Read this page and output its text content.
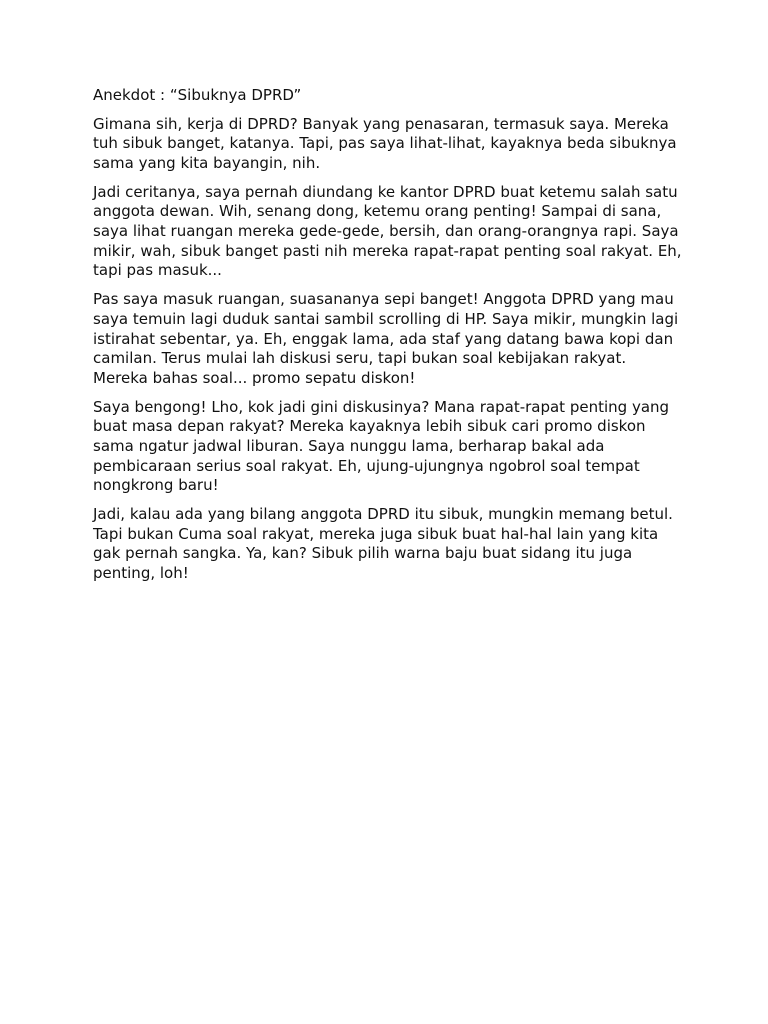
Anekdot : “Sibuknya DPRD”

Gimana sih, kerja di DPRD? Banyak yang penasaran, termasuk saya. Mereka tuh sibuk banget, katanya. Tapi, pas saya lihat-lihat, kayaknya beda sibuknya sama yang kita bayangin, nih.

Jadi ceritanya, saya pernah diundang ke kantor DPRD buat ketemu salah satu anggota dewan. Wih, senang dong, ketemu orang penting! Sampai di sana, saya lihat ruangan mereka gede-gede, bersih, dan orang-orangnya rapi. Saya mikir, wah, sibuk banget pasti nih mereka rapat-rapat penting soal rakyat. Eh, tapi pas masuk...

Pas saya masuk ruangan, suasananya sepi banget! Anggota DPRD yang mau saya temuin lagi duduk santai sambil scrolling di HP. Saya mikir, mungkin lagi istirahat sebentar, ya. Eh, enggak lama, ada staf yang datang bawa kopi dan camilan. Terus mulai lah diskusi seru, tapi bukan soal kebijakan rakyat. Mereka bahas soal... promo sepatu diskon!

Saya bengong! Lho, kok jadi gini diskusinya? Mana rapat-rapat penting yang buat masa depan rakyat? Mereka kayaknya lebih sibuk cari promo diskon sama ngatur jadwal liburan. Saya nunggu lama, berharap bakal ada pembicaraan serius soal rakyat. Eh, ujung-ujungnya ngobrol soal tempat nongkrong baru!

Jadi, kalau ada yang bilang anggota DPRD itu sibuk, mungkin memang betul. Tapi bukan Cuma soal rakyat, mereka juga sibuk buat hal-hal lain yang kita gak pernah sangka. Ya, kan? Sibuk pilih warna baju buat sidang itu juga penting, loh!
